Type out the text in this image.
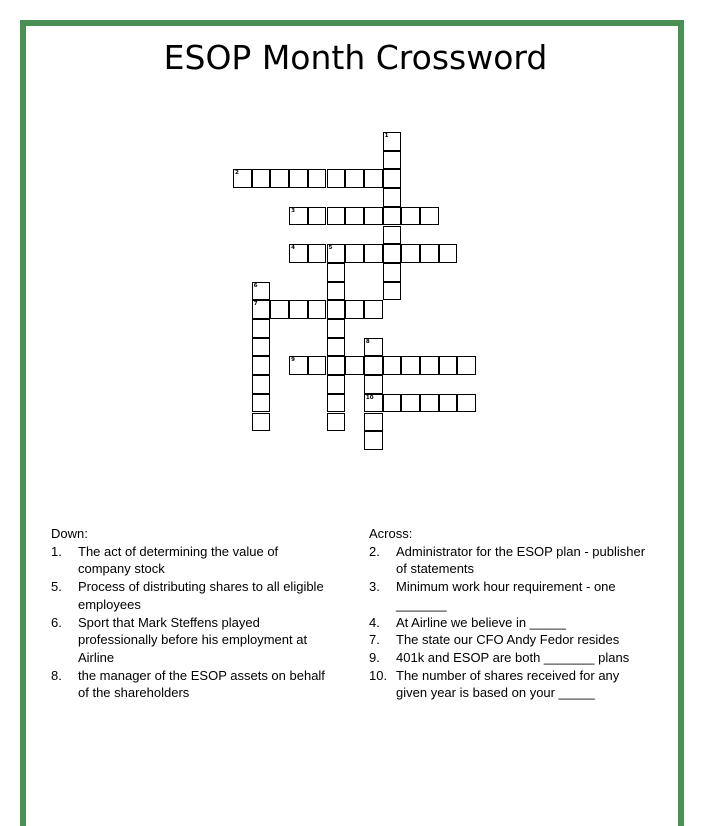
ESOP Month Crossword
1
2
3
4	5
6
7
8
10
9
Down:
1. The act of determining the value of
company stock
5. Process of distributing shares to all eligible
employees
6. Sport that Mark Steffens played
professionally before his employment at
Airline
8. the manager of the ESOP assets on behalf
of the shareholders
Across:
2. Administrator for the ESOP plan - publisher
of statements
3. Minimum work hour requirement - one
_______
4. At Airline we believe in _____
7. The state our CFO Andy Fedor resides
9. 401k and ESOP are both _______ plans
10. The number of shares received for any
given year is based on your _____
